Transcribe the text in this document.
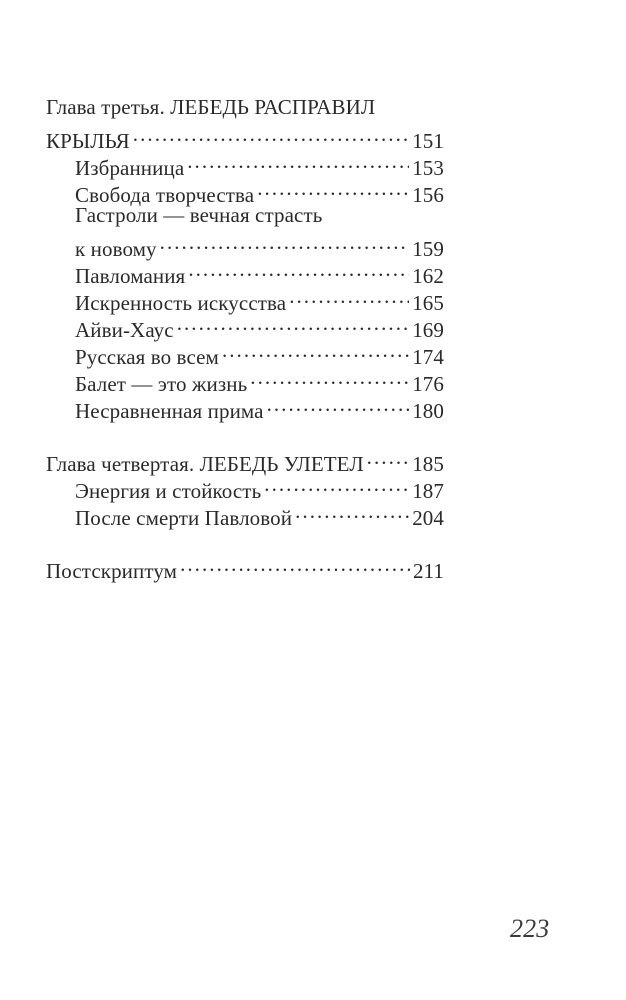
Глава третья. ЛЕБЕДЬ РАСПРАВИЛ
КРЫЛЬЯ . . .	151
Избранница . . .	153
Свобода творчества . . .	156
Гастроли — вечная страсть
к новому . . .	159
Павломания . . .	162
Искренность искусства . . .	165
Айви-Хаус . . .	169
Русская во всем . . .	174
Балет — это жизнь . . .	176
Несравненная прима . . .	180
Глава четвертая. ЛЕБЕДЬ УЛЕТЕЛ . . . 185
Энергия и стойкость . . .	187
После смерти Павловой . . .	204
Постскриптум . . .	211
223
